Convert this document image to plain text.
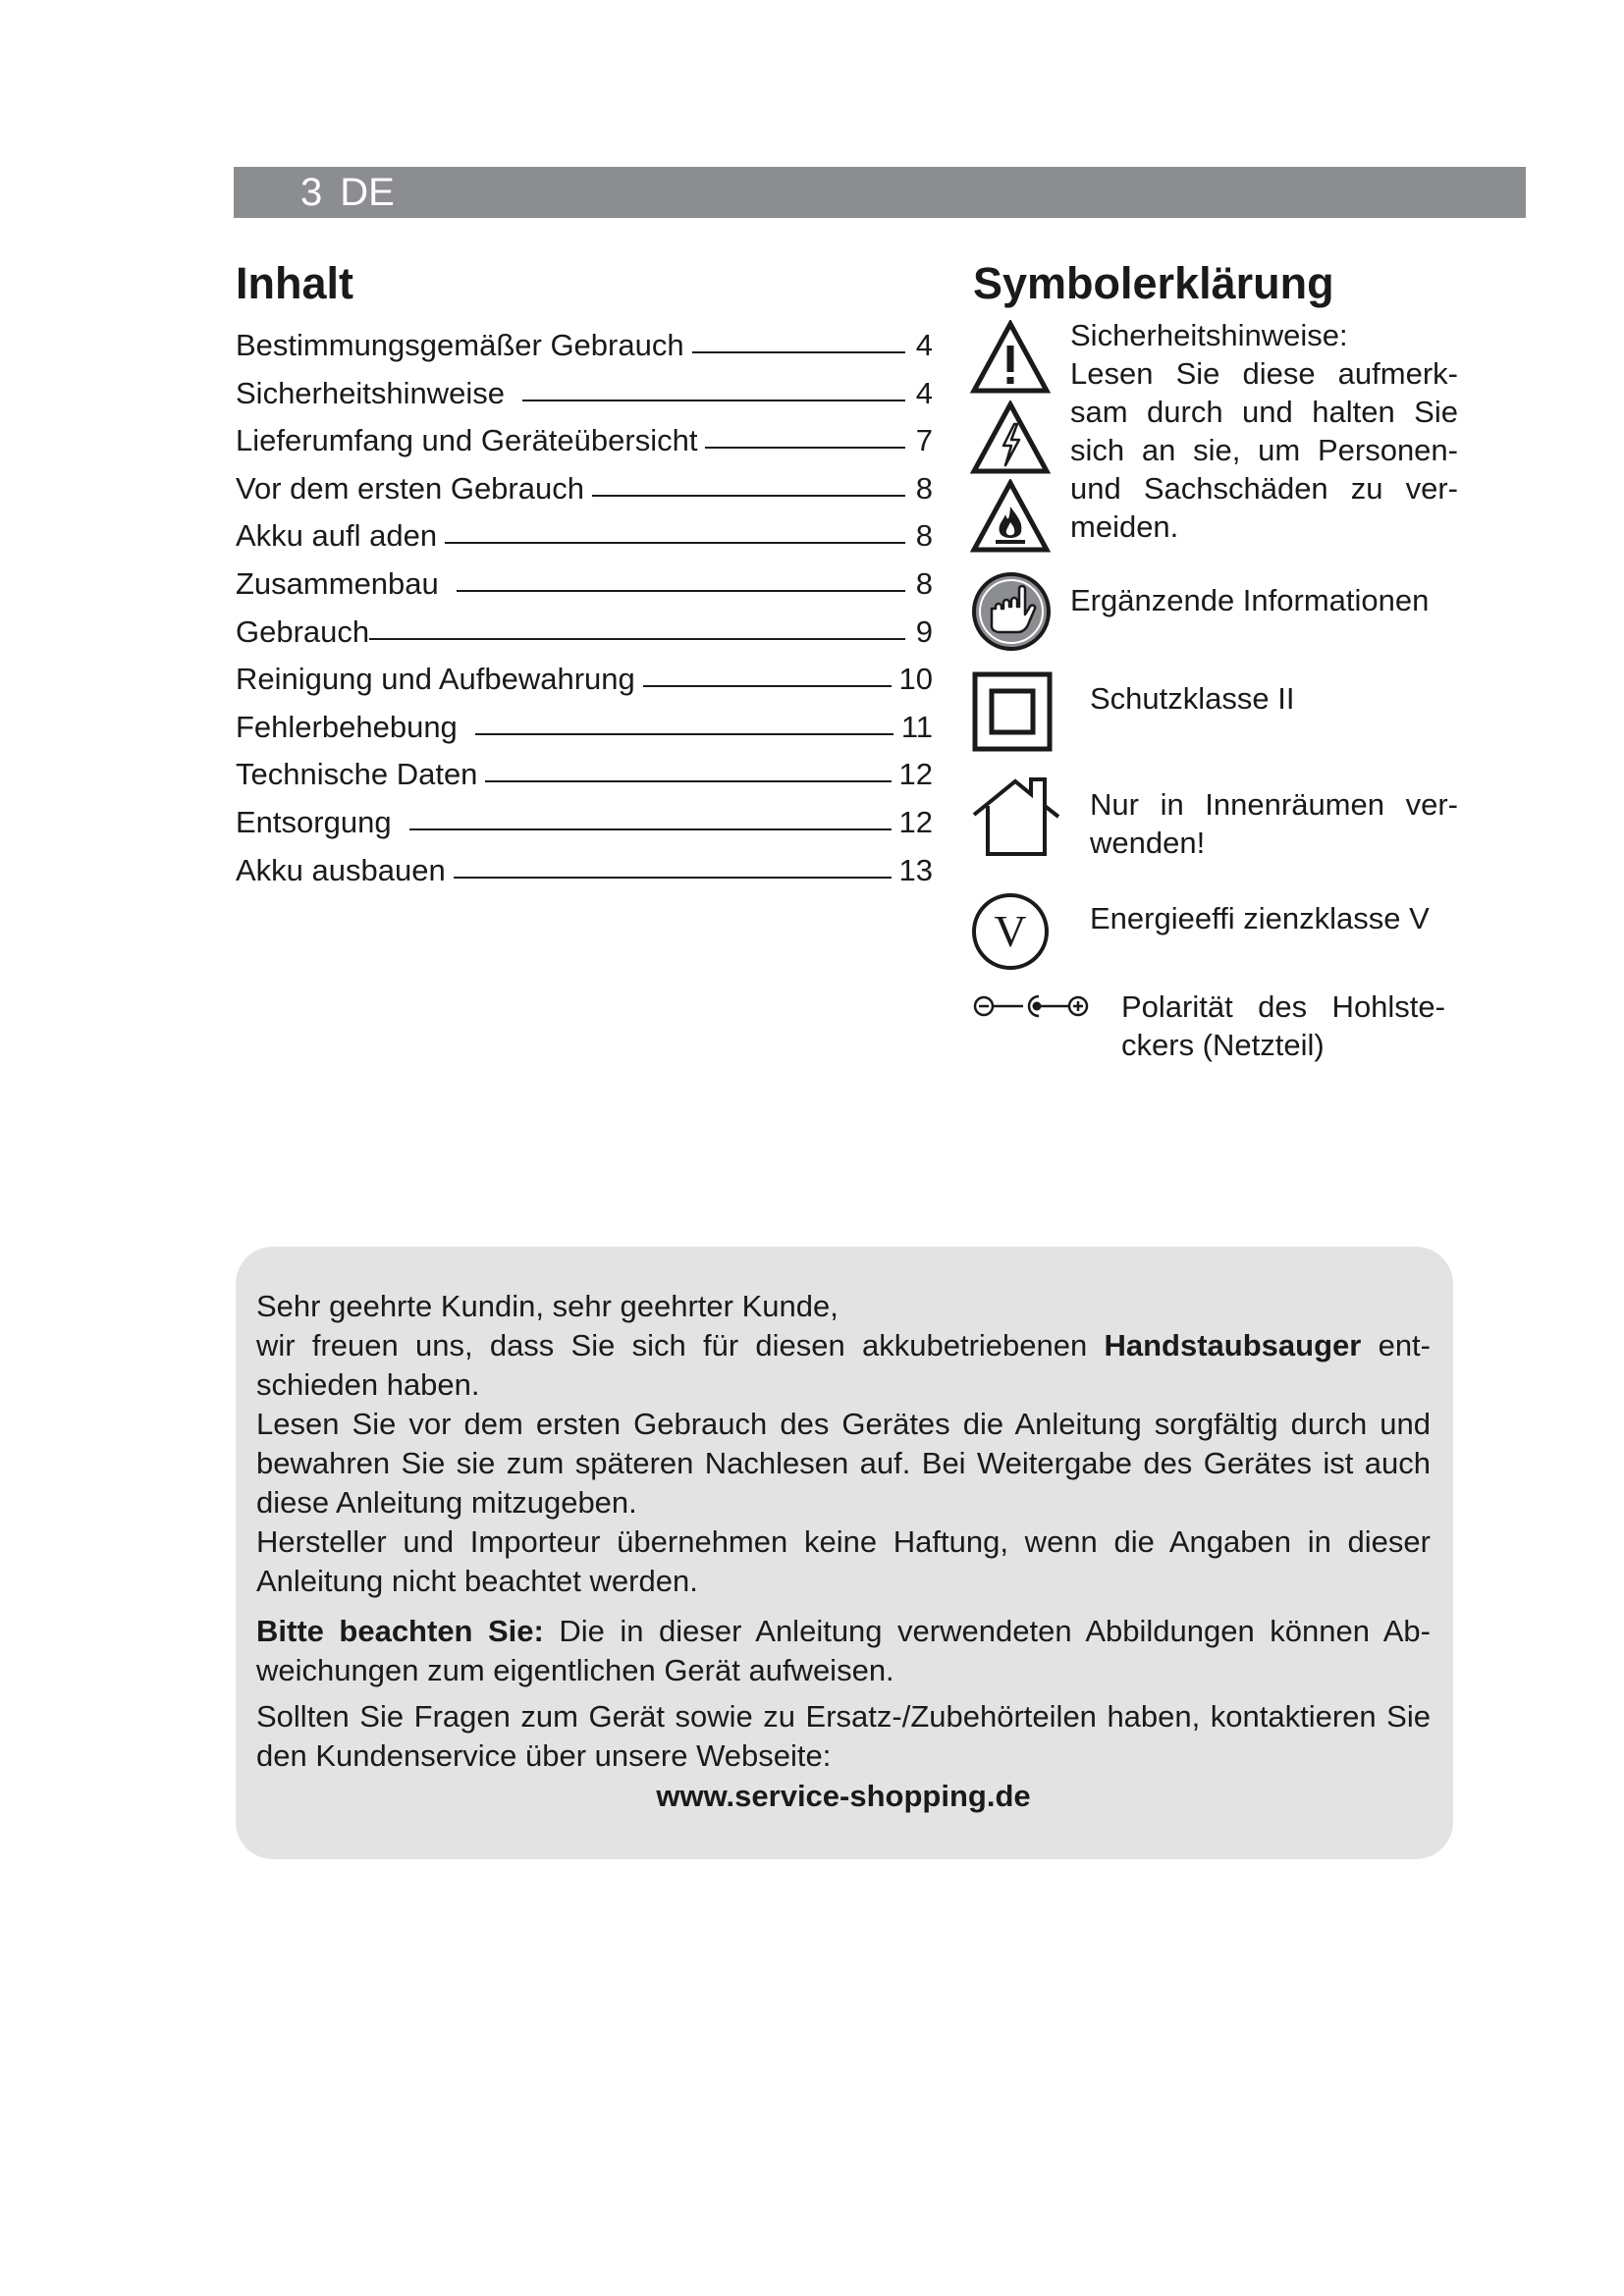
3 DE
Inhalt
Bestimmungsgemäßer Gebrauch	4
Sicherheitshinweise	4
Lieferumfang und Geräteübersicht	7
Vor dem ersten Gebrauch	8
Akku aufl aden	8
Zusammenbau	8
Gebrauch	9
Reinigung und Aufbewahrung	10
Fehlerbehebung	11
Technische Daten	12
Entsorgung	12
Akku ausbauen	13
Symbolerklärung
Sicherheitshinweise:
Lesen Sie diese aufmerksam durch und halten Sie sich an sie, um Personen- und Sachschäden zu vermeiden.
Ergänzende Informationen
Schutzklasse II
Nur in Innenräumen verwenden!
V Energieeffi zienzklasse V
Polarität des Hohlsteckers (Netzteil)

Sehr geehrte Kundin, sehr geehrter Kunde,

wir freuen uns, dass Sie sich für diesen akkubetriebenen Handstaubsauger entschieden haben.

Lesen Sie vor dem ersten Gebrauch des Gerätes die Anleitung sorgfältig durch und bewahren Sie sie zum späteren Nachlesen auf. Bei Weitergabe des Gerätes ist auch diese Anleitung mitzugeben.

Hersteller und Importeur übernehmen keine Haftung, wenn die Angaben in dieser Anleitung nicht beachtet werden.

Bitte beachten Sie: Die in dieser Anleitung verwendeten Abbildungen können Abweichungen zum eigentlichen Gerät aufweisen.

Sollten Sie Fragen zum Gerät sowie zu Ersatz-/Zubehörteilen haben, kontaktieren Sie den Kundenservice über unsere Webseite:

www.service-shopping.de
